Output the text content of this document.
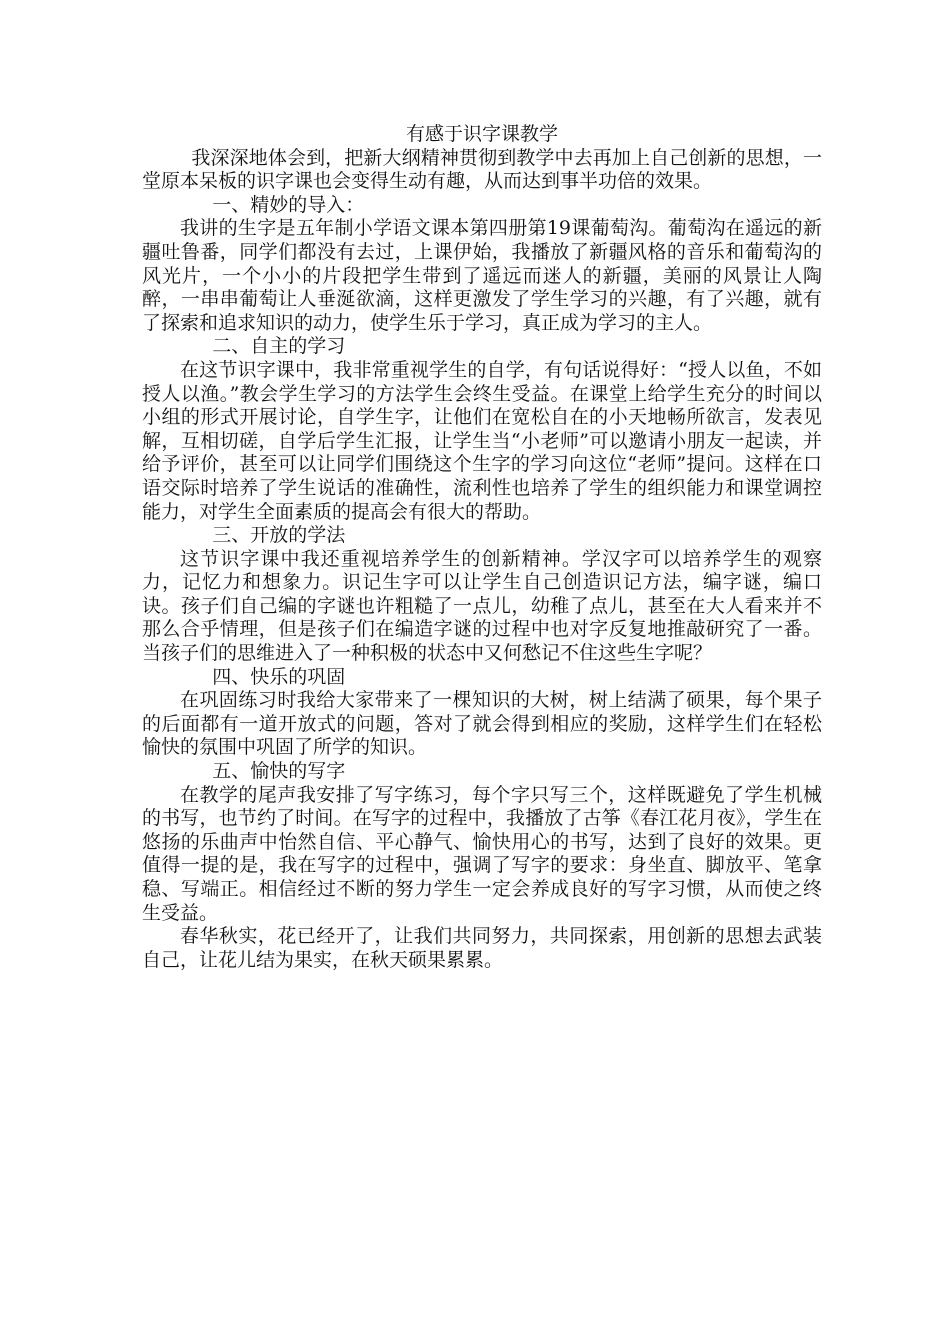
有感于识字课教学

我深深地体会到，把新大纲精神贯彻到教学中去再加上自己创新的思想，一堂原本呆板的识字课也会变得生动有趣，从而达到事半功倍的效果。

一、精妙的导入：

我讲的生字是五年制小学语文课本第四册第19课葡萄沟。葡萄沟在遥远的新疆吐鲁番，同学们都没有去过，上课伊始，我播放了新疆风格的音乐和葡萄沟的风光片，一个小小的片段把学生带到了遥远而迷人的新疆，美丽的风景让人陶醉，一串串葡萄让人垂涎欲滴，这样更激发了学生学习的兴趣，有了兴趣，就有了探索和追求知识的动力，使学生乐于学习，真正成为学习的主人。

二、自主的学习

在这节识字课中，我非常重视学生的自学，有句话说得好：“授人以鱼，不如授人以渔。”教会学生学习的方法学生会终生受益。在课堂上给学生充分的时间以小组的形式开展讨论，自学生字，让他们在宽松自在的小天地畅所欲言，发表见解，互相切磋，自学后学生汇报，让学生当“小老师”可以邀请小朋友一起读，并给予评价，甚至可以让同学们围绕这个生字的学习向这位“老师”提问。这样在口语交际时培养了学生说话的准确性，流利性也培养了学生的组织能力和课堂调控能力，对学生全面素质的提高会有很大的帮助。

三、开放的学法

这节识字课中我还重视培养学生的创新精神。学汉字可以培养学生的观察力，记忆力和想象力。识记生字可以让学生自己创造识记方法，编字谜，编口诀。孩子们自己编的字谜也许粗糙了一点儿，幼稚了点儿，甚至在大人看来并不那么合乎情理，但是孩子们在编造字谜的过程中也对字反复地推敲研究了一番。当孩子们的思维进入了一种积极的状态中又何愁记不住这些生字呢？

四、快乐的巩固

在巩固练习时我给大家带来了一棵知识的大树，树上结满了硕果，每个果子的后面都有一道开放式的问题，答对了就会得到相应的奖励，这样学生们在轻松愉快的氛围中巩固了所学的知识。

五、愉快的写字

在教学的尾声我安排了写字练习，每个字只写三个，这样既避免了学生机械的书写，也节约了时间。在写字的过程中，我播放了古筝《春江花月夜》，学生在悠扬的乐曲声中怡然自信、平心静气、愉快用心的书写，达到了良好的效果。更值得一提的是，我在写字的过程中，强调了写字的要求：身坐直、脚放平、笔拿稳、写端正。相信经过不断的努力学生一定会养成良好的写字习惯，从而使之终生受益。

春华秋实，花已经开了，让我们共同努力，共同探索，用创新的思想去武装自己，让花儿结为果实，在秋天硕果累累。
